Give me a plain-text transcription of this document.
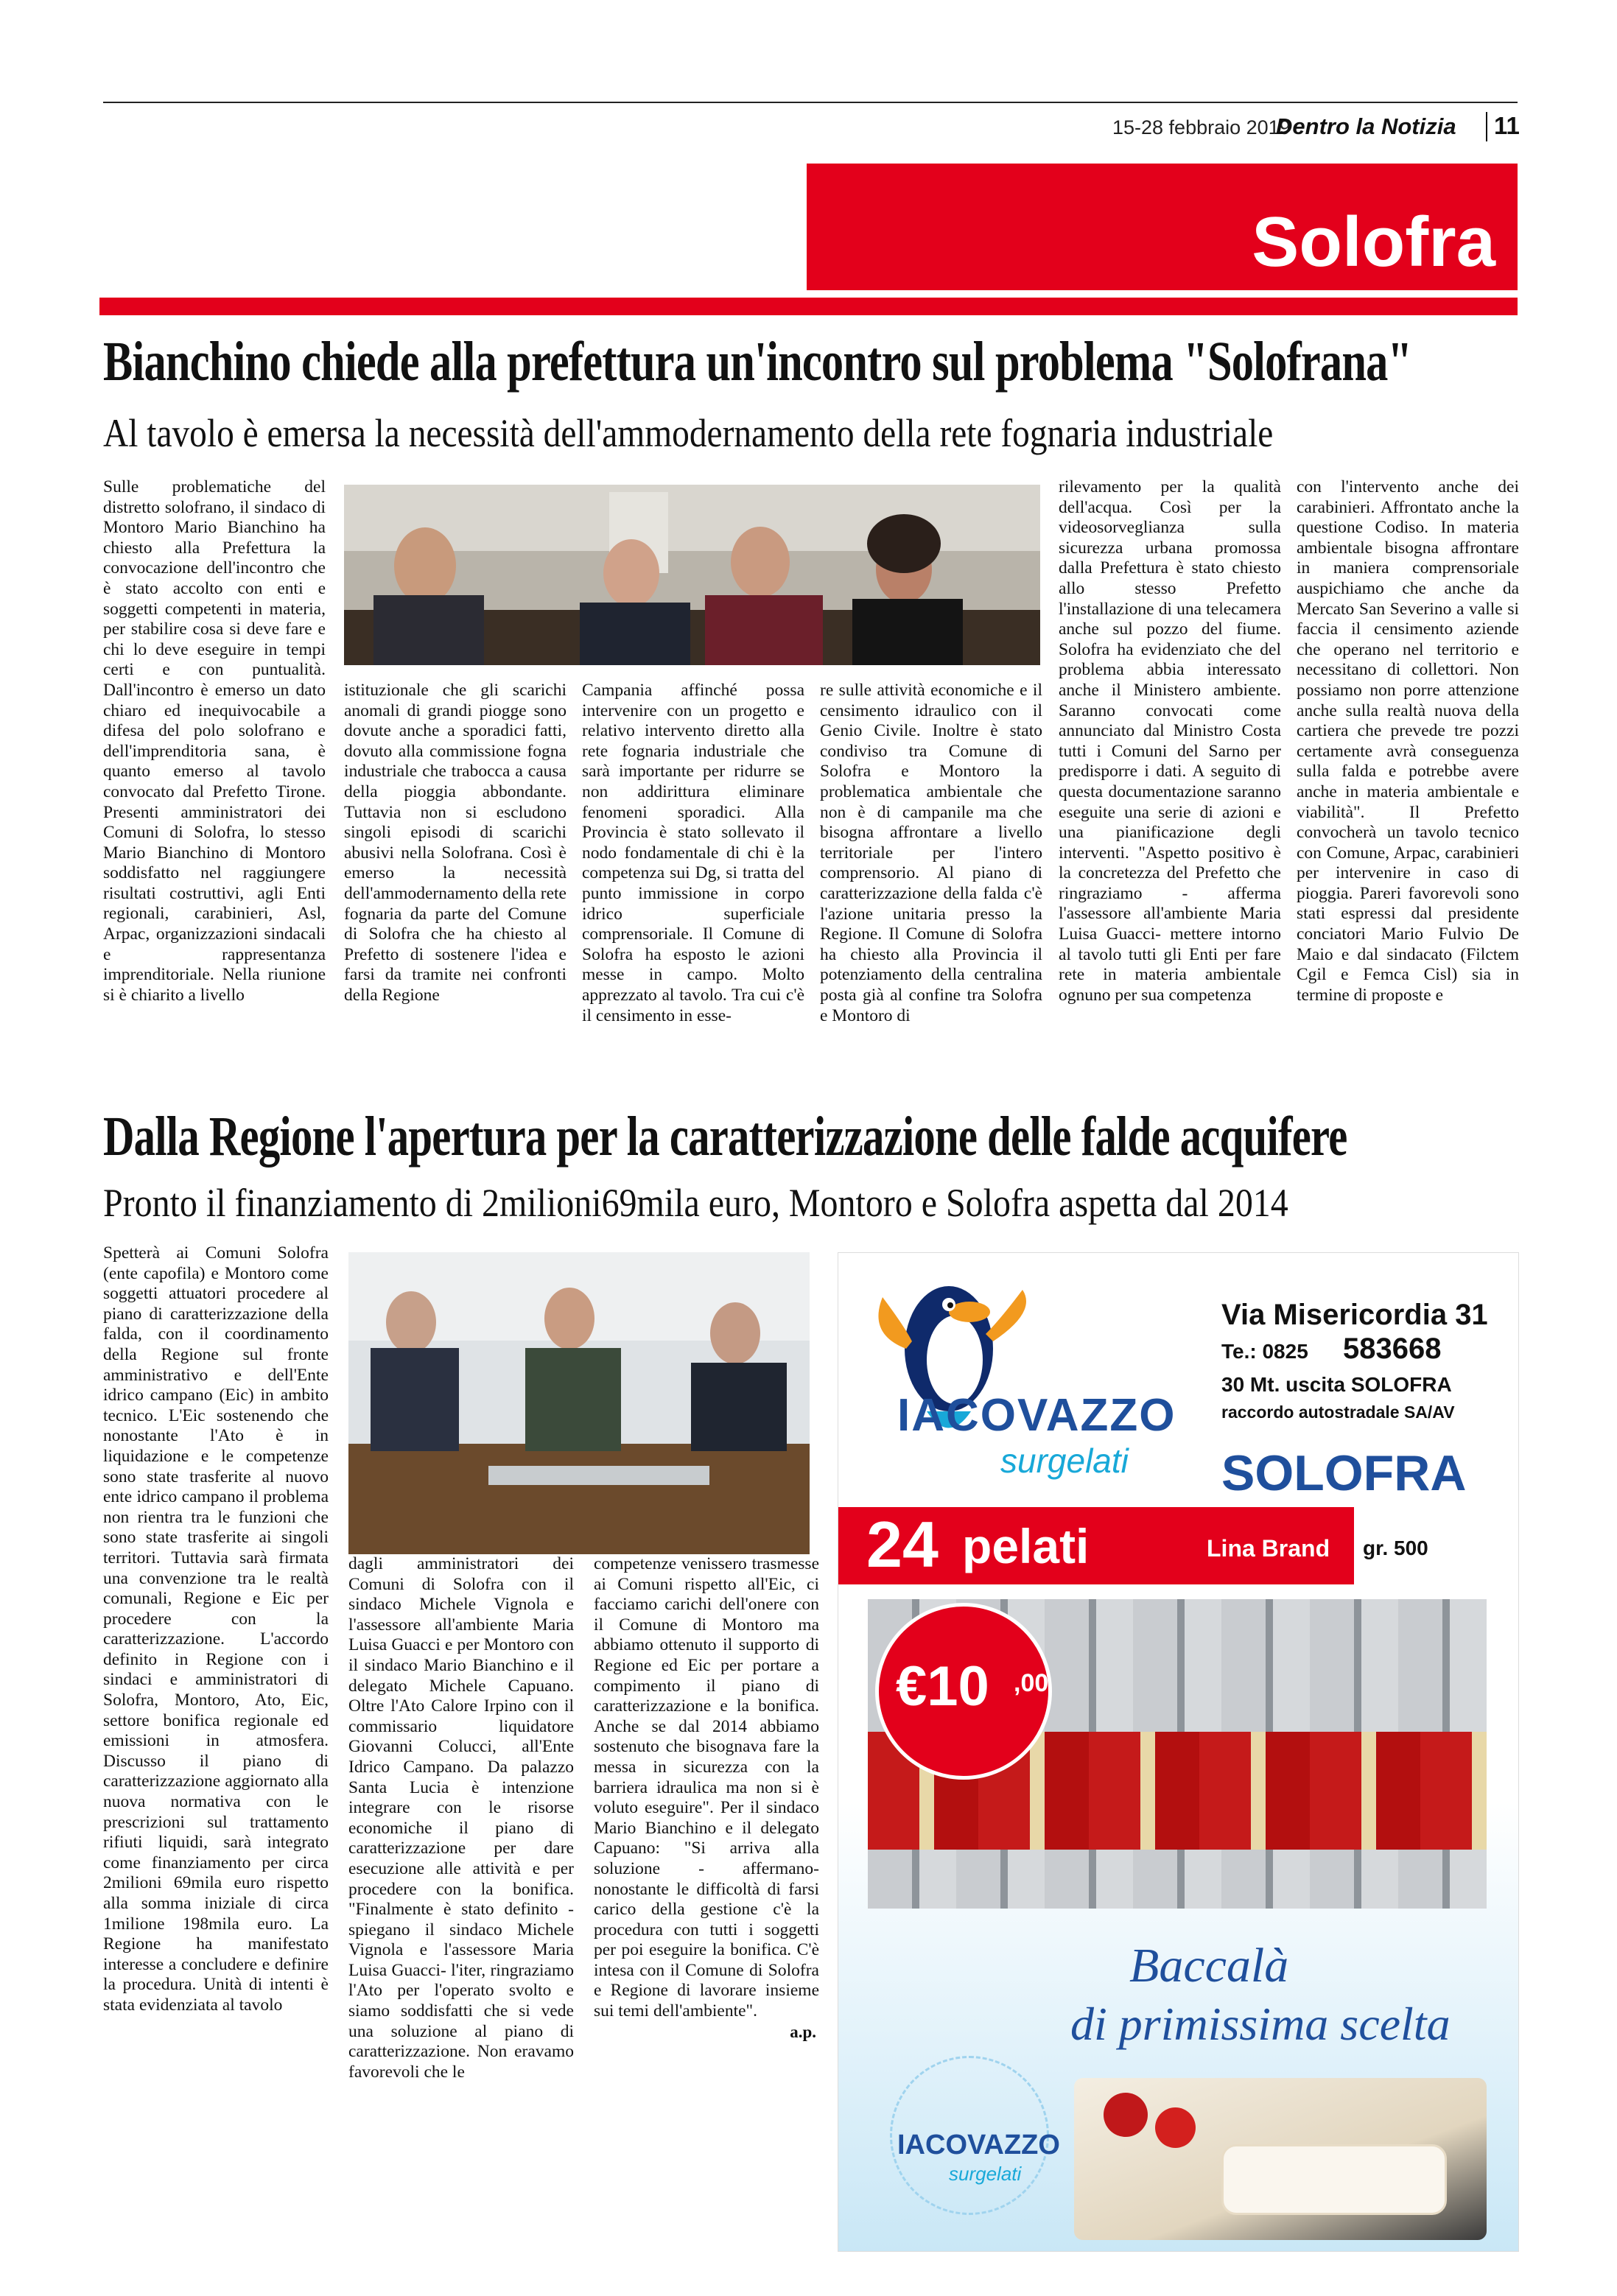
15-28 febbraio 2019
Dentro la Notizia 11
Solofra
Bianchino chiede alla prefettura un'incontro sul problema "Solofrana"
Al tavolo è emersa la necessità dell'ammodernamento della rete fognaria industriale

Sulle problematiche del distretto solofrano, il sindaco di Montoro Mario Bianchino ha chiesto alla Prefettura la convocazione dell'incontro che è stato accolto con enti e soggetti competenti in materia, per stabilire cosa si deve fare e chi lo deve eseguire in tempi certi e con puntualità. Dall'incontro è emerso un dato chiaro ed inequivocabile a difesa del polo solofrano e dell'imprenditoria sana, è quanto emerso al tavolo convocato dal Prefetto Tirone. Presenti amministratori dei Comuni di Solofra, lo stesso Mario Bianchino di Montoro soddisfatto nel raggiungere risultati costruttivi, agli Enti regionali, carabinieri, Asl, Arpac, organizzazioni sindacali e rappresentanza imprenditoriale. Nella riunione si è chiarito a livello

istituzionale che gli scarichi anomali di grandi piogge sono dovute anche a sporadici fatti, dovuto alla commissione fogna industriale che trabocca a causa della pioggia abbondante. Tuttavia non si escludono singoli episodi di scarichi abusivi nella Solofrana. Così è emerso la necessità dell'ammodernamento della rete fognaria da parte del Comune di Solofra che ha chiesto al Prefetto di sostenere l'idea e farsi da tramite nei confronti della Regione

Campania affinché possa intervenire con un progetto e relativo intervento diretto alla rete fognaria industriale che sarà importante per ridurre se non addirittura eliminare fenomeni sporadici. Alla Provincia è stato sollevato il nodo fondamentale di chi è la competenza sui Dg, si tratta del punto immissione in corpo idrico superficiale comprensoriale. Il Comune di Solofra ha esposto le azioni messe in campo. Molto apprezzato al tavolo. Tra cui c'è il censimento in esse-

re sulle attività economiche e il censimento idraulico con il Genio Civile. Inoltre è stato condiviso tra Comune di Solofra e Montoro la problematica ambientale che non è di campanile ma che bisogna affrontare a livello territoriale per l'intero comprensorio. Al piano di caratterizzazione della falda c'è l'azione unitaria presso la Regione. Il Comune di Solofra ha chiesto alla Provincia il potenziamento della centralina posta già al confine tra Solofra e Montoro di

rilevamento per la qualità dell'acqua. Così per la videosorveglianza sulla sicurezza urbana promossa dalla Prefettura è stato chiesto allo stesso Prefetto l'installazione di una telecamera anche sul pozzo del fiume. Solofra ha evidenziato che del problema abbia interessato anche il Ministero ambiente. Saranno convocati come annunciato dal Ministro Costa tutti i Comuni del Sarno per predisporre i dati. A seguito di questa documentazione saranno eseguite una serie di azioni e una pianificazione degli interventi. "Aspetto positivo è la concretezza del Prefetto che ringraziamo - afferma l'assessore all'ambiente Maria Luisa Guacci- mettere intorno al tavolo tutti gli Enti per fare rete in materia ambientale ognuno per sua competenza

con l'intervento anche dei carabinieri. Affrontato anche la questione Codiso. In materia ambientale bisogna affrontare in maniera comprensoriale auspichiamo che anche da Mercato San Severino a valle si faccia il censimento aziende che operano nel territorio e necessitano di collettori. Non possiamo non porre attenzione anche sulla realtà nuova della cartiera che prevede tre pozzi certamente avrà conseguenza sulla falda e potrebbe avere anche in materia ambientale e viabilità". Il Prefetto convocherà un tavolo tecnico con Comune, Arpac, carabinieri per intervenire in caso di pioggia. Pareri favorevoli sono stati espressi dal presidente conciatori Mario Fulvio De Maio e dal sindacato (Filctem Cgil e Femca Cisl) sia in termine di proposte e

Dalla Regione l'apertura per la caratterizzazione delle falde acquifere
Pronto il finanziamento di 2milioni69mila euro, Montoro e Solofra aspetta dal 2014

Spetterà ai Comuni Solofra (ente capofila) e Montoro come soggetti attuatori procedere al piano di caratterizzazione della falda, con il coordinamento della Regione sul fronte amministrativo e dell'Ente idrico campano (Eic) in ambito tecnico. L'Eic sostenendo che nonostante l'Ato è in liquidazione e le competenze sono state trasferite al nuovo ente idrico campano il problema non rientra tra le funzioni che sono state trasferite ai singoli territori. Tuttavia sarà firmata una convenzione tra le realtà comunali, Regione e Eic per procedere con la caratterizzazione. L'accordo definito in Regione con i sindaci e amministratori di Solofra, Montoro, Ato, Eic, settore bonifica regionale ed emissioni in atmosfera. Discusso il piano di caratterizzazione aggiornato alla nuova normativa con le prescrizioni sul trattamento rifiuti liquidi, sarà integrato come finanziamento per circa 2milioni 69mila euro rispetto alla somma iniziale di circa 1milione 198mila euro. La Regione ha manifestato interesse a concludere e definire la procedura. Unità di intenti è stata evidenziata al tavolo

dagli amministratori dei Comuni di Solofra con il sindaco Michele Vignola e l'assessore all'ambiente Maria Luisa Guacci e per Montoro con il sindaco Mario Bianchino e il delegato Michele Capuano. Oltre l'Ato Calore Irpino con il commissario liquidatore Giovanni Colucci, all'Ente Idrico Campano. Da palazzo Santa Lucia è intenzione integrare con le risorse economiche il piano di caratterizzazione per dare esecuzione alle attività e per procedere con la bonifica. "Finalmente è stato definito -spiegano il sindaco Michele Vignola e l'assessore Maria Luisa Guacci- l'iter, ringraziamo l'Ato per l'operato svolto e siamo soddisfatti che si vede una soluzione al piano di caratterizzazione. Non eravamo favorevoli che le

competenze venissero trasmesse ai Comuni rispetto all'Eic, ci facciamo carichi dell'onere con il Comune di Montoro ma abbiamo ottenuto il supporto di Regione ed Eic per portare a compimento il piano di caratterizzazione e la bonifica. Anche se dal 2014 abbiamo sostenuto che bisognava fare la messa in sicurezza con la barriera idraulica ma non si è voluto eseguire". Per il sindaco Mario Bianchino e il delegato Capuano: "Si arriva alla soluzione - affermano- nonostante le difficoltà di farsi carico della gestione c'è la procedura con tutti i soggetti per poi eseguire la bonifica. C'è intesa con il Comune di Solofra e Regione di lavorare insieme sui temi dell'ambiente".

a.p.

IACOVAZZO
surgelati
Via Misericordia 31
Te.: 0825 583668
30 Mt. uscita SOLOFRA
raccordo autostradale SA/AV
SOLOFRA
24 pelati	Lina Brand gr. 500
€10 ,00
Baccalà
di primissima scelta
IACOVAZZO
surgelati
